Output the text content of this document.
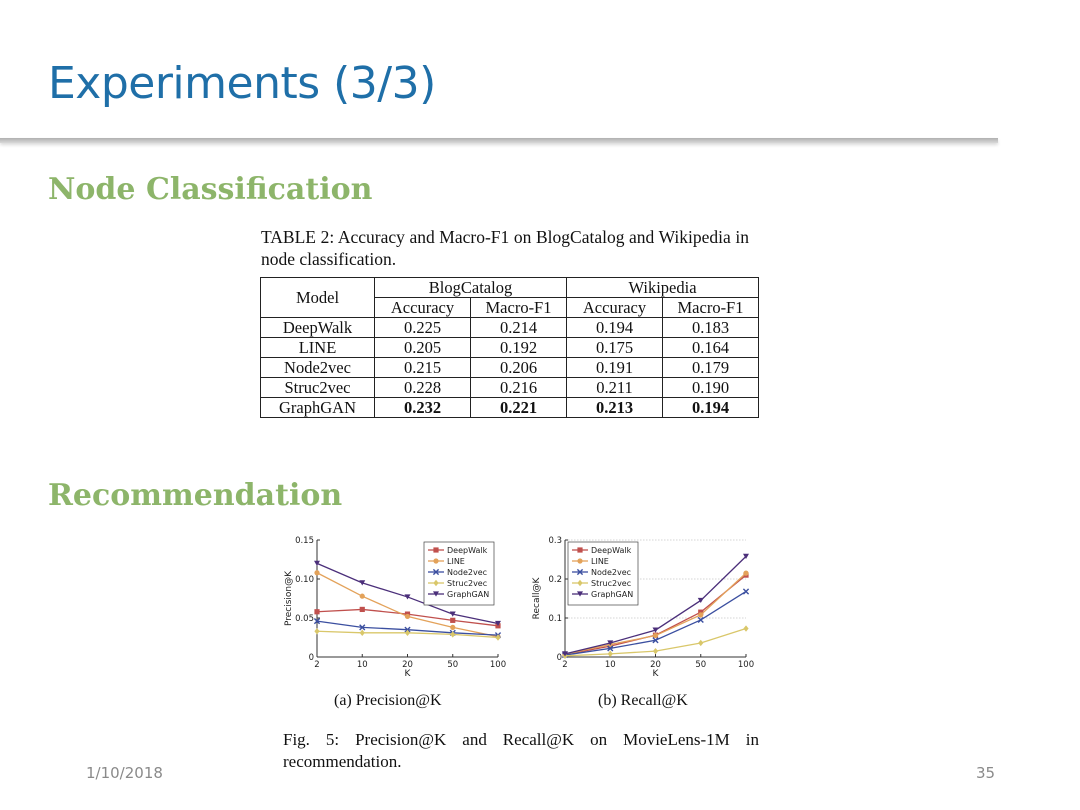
Experiments (3/3)
Node Classification
TABLE 2: Accuracy and Macro-F1 on BlogCatalog and Wikipedia in node classification.
Model	BlogCatalog		Wikipedia	
	Accuracy	Macro-F1	Accuracy	Macro-F1
DeepWalk	0.225	0.214	0.194	0.183
LINE	0.205	0.192	0.175	0.164
Node2vec	0.215	0.206	0.191	0.179
Struc2vec	0.228	0.216	0.211	0.190
GraphGAN	0.232	0.221	0.213	0.194
Recommendation
0
0.05
0.10
0.15
2	10	20	50	100
K
Precision@K
DeepWalk
LINE
Node2vec
Struc2vec
GraphGAN
0
0.1
0.2
0.3
2	10	20	50	100
K
Recall@K
DeepWalk
LINE
Node2vec
Struc2vec
GraphGAN
(a) Precision@K	(b) Recall@K
Fig. 5: Precision@K and Recall@K on MovieLens-1M in recommendation.
1/10/2018	35
